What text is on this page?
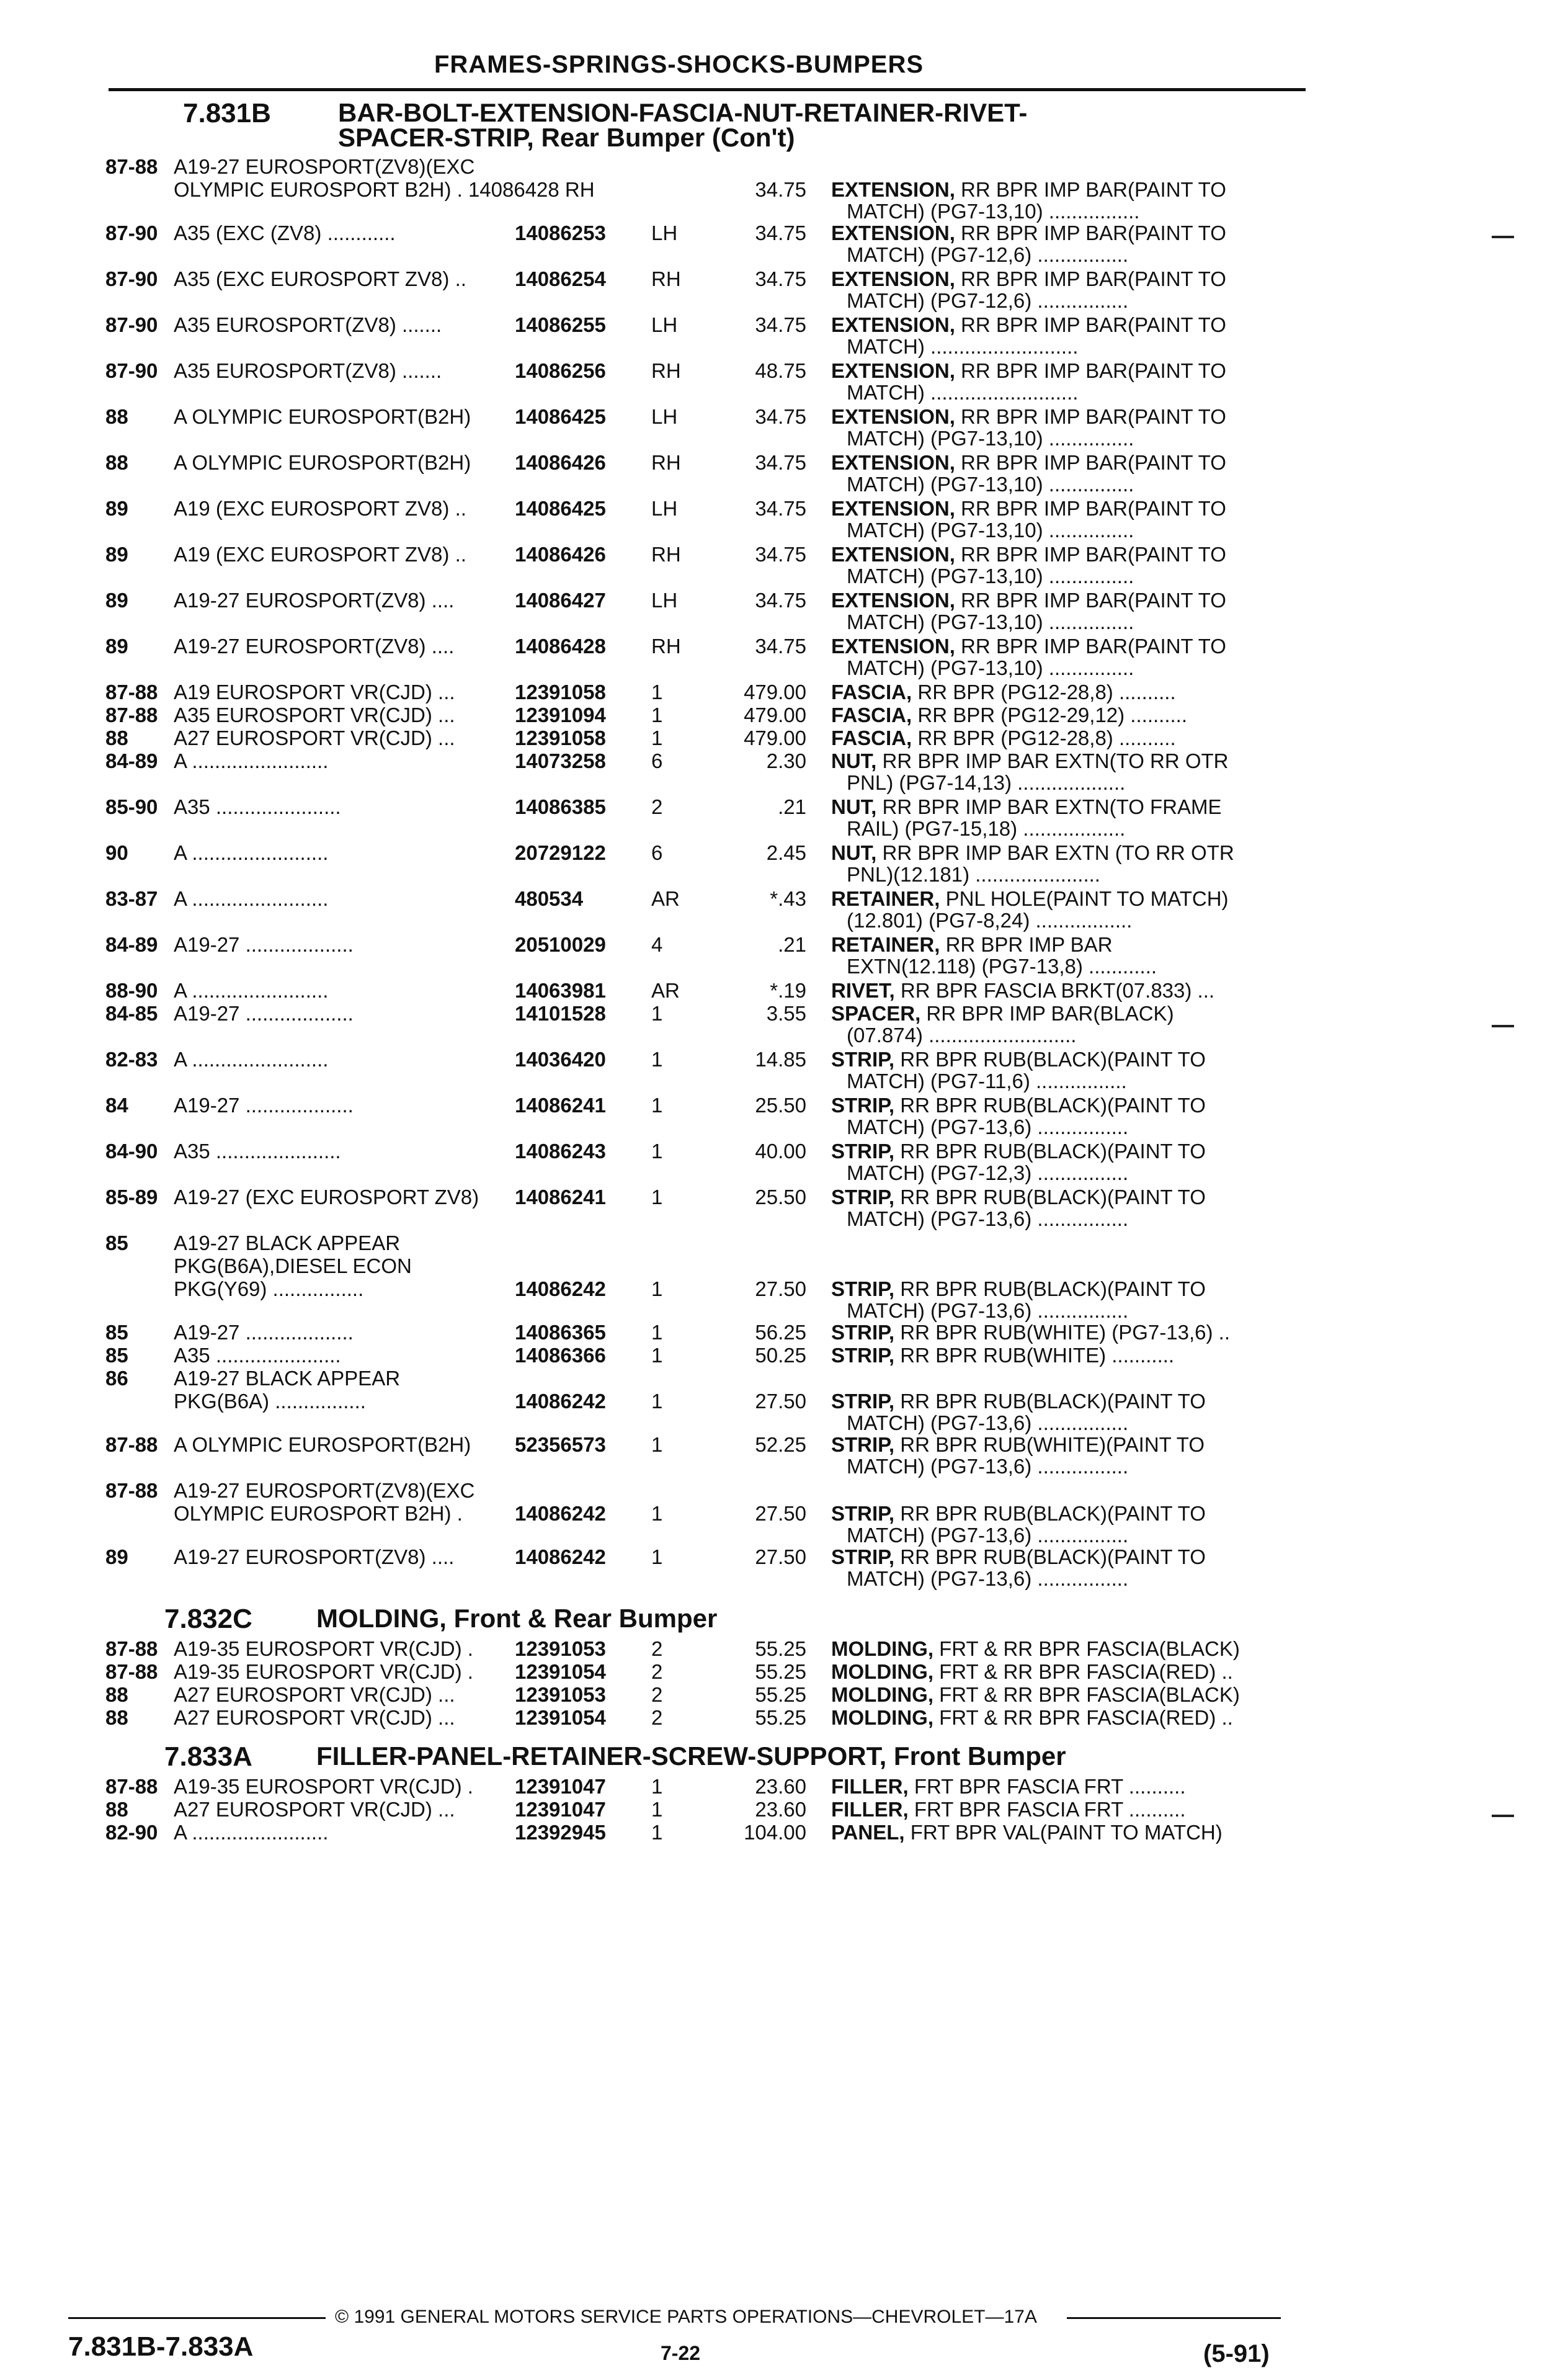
FRAMES-SPRINGS-SHOCKS-BUMPERS
7.831B	BAR-BOLT-EXTENSION-FASCIA-NUT-RETAINER-RIVET-
SPACER-STRIP, Rear Bumper (Con't)
87-88 A19-27 EUROSPORT(ZV8)(EXC
OLYMPIC EUROSPORT B2H) . 14086428 RH	34.75 EXTENSION, RR BPR IMP BAR(PAINT TO
MATCH) (PG7-13,10) ................
87-90 A35 (EXC (ZV8) ............	14086253 LH	34.75 EXTENSION, RR BPR IMP BAR(PAINT TO
MATCH) (PG7-12,6) ................
87-90 A35 (EXC EUROSPORT ZV8) .. 14086254 RH	34.75 EXTENSION, RR BPR IMP BAR(PAINT TO
MATCH) (PG7-12,6) ................
87-90 A35 EUROSPORT(ZV8) .......	14086255 LH	34.75 EXTENSION, RR BPR IMP BAR(PAINT TO
MATCH) ..........................
87-90 A35 EUROSPORT(ZV8) .......	14086256 RH	48.75 EXTENSION, RR BPR IMP BAR(PAINT TO
MATCH) ..........................
88 A OLYMPIC EUROSPORT(B2H) 14086425 LH	34.75 EXTENSION, RR BPR IMP BAR(PAINT TO
MATCH) (PG7-13,10) ...............
88 A OLYMPIC EUROSPORT(B2H) 14086426 RH	34.75 EXTENSION, RR BPR IMP BAR(PAINT TO
MATCH) (PG7-13,10) ...............
89 A19 (EXC EUROSPORT ZV8) .. 14086425 LH	34.75 EXTENSION, RR BPR IMP BAR(PAINT TO
MATCH) (PG7-13,10) ...............
89 A19 (EXC EUROSPORT ZV8) .. 14086426 RH	34.75 EXTENSION, RR BPR IMP BAR(PAINT TO
MATCH) (PG7-13,10) ...............
89 A19-27 EUROSPORT(ZV8) ....	14086427 LH	34.75 EXTENSION, RR BPR IMP BAR(PAINT TO
MATCH) (PG7-13,10) ...............
89 A19-27 EUROSPORT(ZV8) ....	14086428 RH	34.75 EXTENSION, RR BPR IMP BAR(PAINT TO
MATCH) (PG7-13,10) ...............
87-88 A19 EUROSPORT VR(CJD) ...	12391058 1	479.00 FASCIA, RR BPR (PG12-28,8) ..........
87-88 A35 EUROSPORT VR(CJD) ...	12391094 1	479.00 FASCIA, RR BPR (PG12-29,12) ..........
88 A27 EUROSPORT VR(CJD) ...	12391058 1	479.00 FASCIA, RR BPR (PG12-28,8) ..........
84-89 A ........................	14073258 6	2.30 NUT, RR BPR IMP BAR EXTN(TO RR OTR
PNL) (PG7-14,13) ...................
85-90 A35 ......................	14086385 2	.21 NUT, RR BPR IMP BAR EXTN(TO FRAME
RAIL) (PG7-15,18) ..................
90 A ........................	20729122 6	2.45 NUT, RR BPR IMP BAR EXTN (TO RR OTR
PNL)(12.181) ......................
83-87 A ........................	480534	AR	*.43 RETAINER, PNL HOLE(PAINT TO MATCH)
(12.801) (PG7-8,24) .................
84-89 A19-27 ...................	20510029 4	.21 RETAINER, RR BPR IMP BAR
EXTN(12.118) (PG7-13,8) ............
88-90 A ........................	14063981 AR	*.19 RIVET, RR BPR FASCIA BRKT(07.833) ...
84-85 A19-27 ...................	14101528 1	3.55 SPACER, RR BPR IMP BAR(BLACK)
(07.874) ..........................
82-83 A ........................	14036420 1	14.85 STRIP, RR BPR RUB(BLACK)(PAINT TO
MATCH) (PG7-11,6) ................
84 A19-27 ...................	14086241 1	25.50 STRIP, RR BPR RUB(BLACK)(PAINT TO
MATCH) (PG7-13,6) ................
84-90 A35 ......................	14086243 1	40.00 STRIP, RR BPR RUB(BLACK)(PAINT TO
MATCH) (PG7-12,3) ................
85-89 A19-27 (EXC EUROSPORT ZV8) 14086241 1	25.50 STRIP, RR BPR RUB(BLACK)(PAINT TO
MATCH) (PG7-13,6) ................
85 A19-27 BLACK APPEAR
PKG(B6A),DIESEL ECON
PKG(Y69) ................	14086242 1	27.50 STRIP, RR BPR RUB(BLACK)(PAINT TO
MATCH) (PG7-13,6) ................
85 A19-27 ...................	14086365 1	56.25 STRIP, RR BPR RUB(WHITE) (PG7-13,6) ..
85 A35 ......................	14086366 1	50.25 STRIP, RR BPR RUB(WHITE) ...........
86 A19-27 BLACK APPEAR
PKG(B6A) ................	14086242 1	27.50 STRIP, RR BPR RUB(BLACK)(PAINT TO
MATCH) (PG7-13,6) ................
87-88 A OLYMPIC EUROSPORT(B2H) 52356573 1	52.25 STRIP, RR BPR RUB(WHITE)(PAINT TO
MATCH) (PG7-13,6) ................
87-88 A19-27 EUROSPORT(ZV8)(EXC
OLYMPIC EUROSPORT B2H) .	14086242 1	27.50 STRIP, RR BPR RUB(BLACK)(PAINT TO
MATCH) (PG7-13,6) ................
89 A19-27 EUROSPORT(ZV8) ....	14086242 1	27.50 STRIP, RR BPR RUB(BLACK)(PAINT TO
MATCH) (PG7-13,6) ................
7.832C MOLDING, Front & Rear Bumper
87-88 A19-35 EUROSPORT VR(CJD) . 12391053 2	55.25 MOLDING, FRT & RR BPR FASCIA(BLACK)
87-88 A19-35 EUROSPORT VR(CJD) . 12391054 2	55.25 MOLDING, FRT & RR BPR FASCIA(RED) ..
88 A27 EUROSPORT VR(CJD) ...	12391053 2	55.25 MOLDING, FRT & RR BPR FASCIA(BLACK)
88 A27 EUROSPORT VR(CJD) ...	12391054 2	55.25 MOLDING, FRT & RR BPR FASCIA(RED) ..
7.833A FILLER-PANEL-RETAINER-SCREW-SUPPORT, Front Bumper
87-88 A19-35 EUROSPORT VR(CJD) . 12391047 1	23.60 FILLER, FRT BPR FASCIA FRT ..........
88 A27 EUROSPORT VR(CJD) ...	12391047 1	23.60 FILLER, FRT BPR FASCIA FRT ..........
82-90 A ........................	12392945 1	104.00 PANEL, FRT BPR VAL(PAINT TO MATCH)
© 1991 GENERAL MOTORS SERVICE PARTS OPERATIONS—CHEVROLET—17A
7.831B-7.833A	7-22	(5-91)
